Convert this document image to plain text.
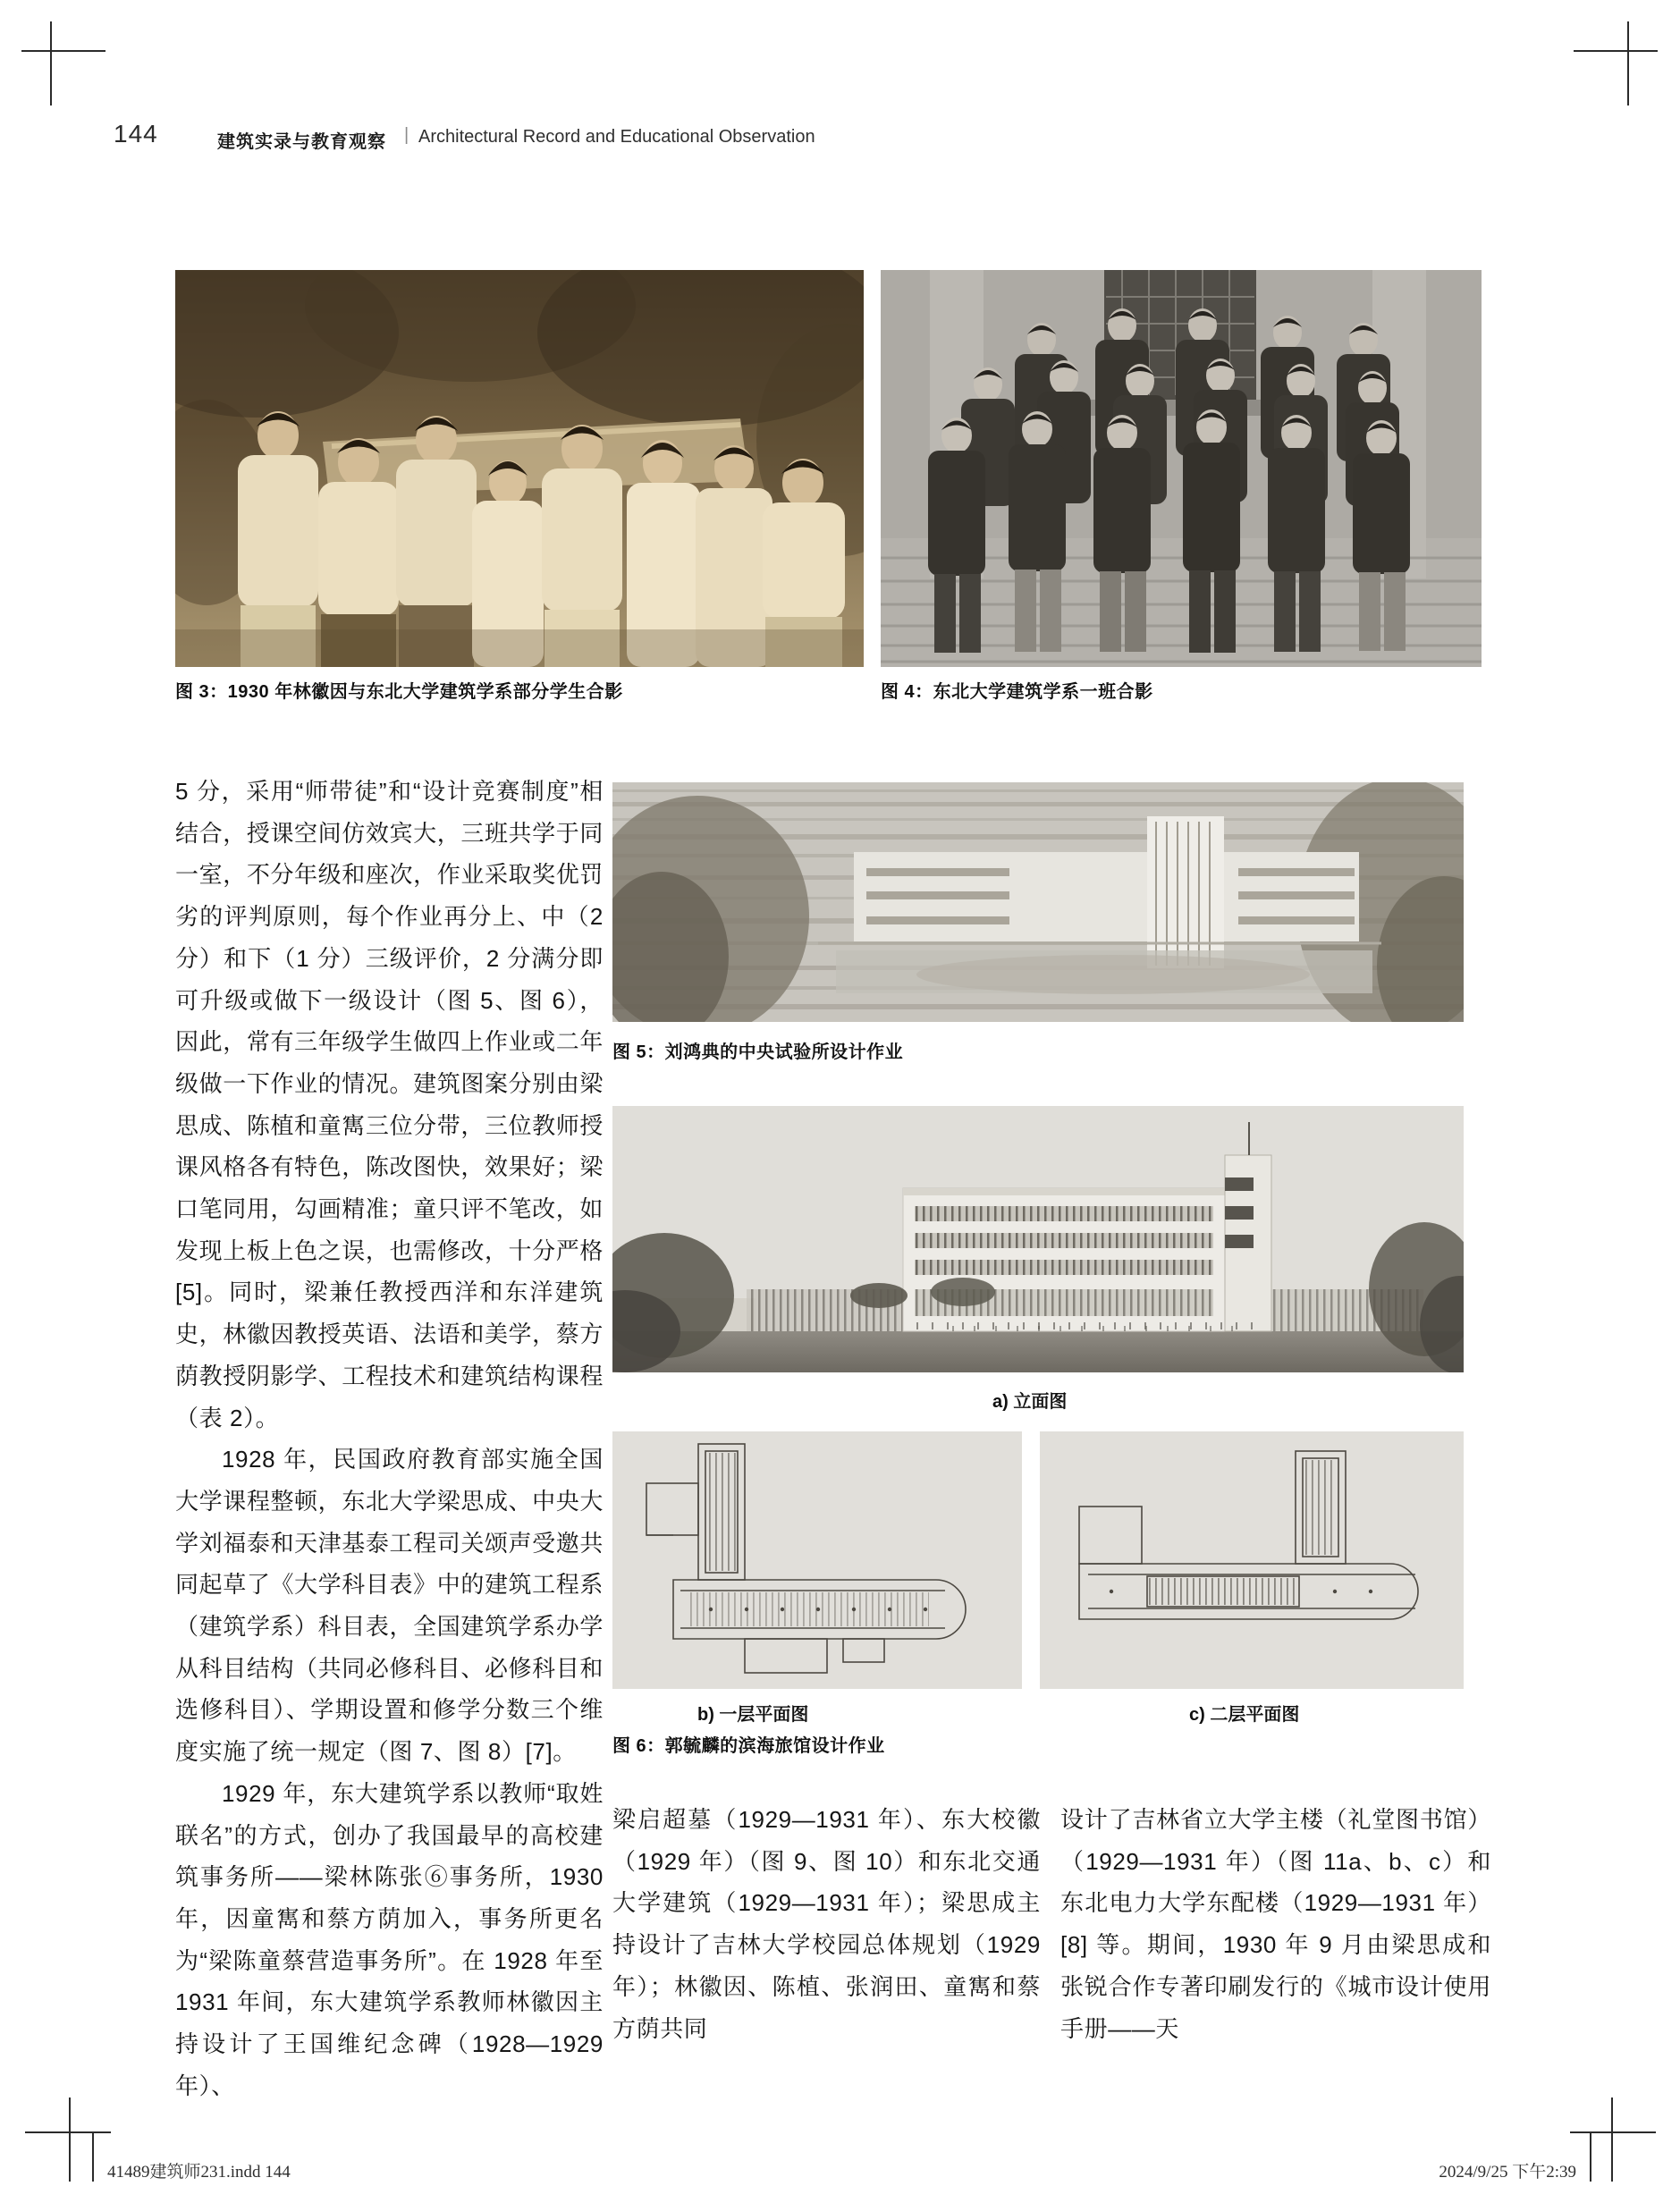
144	建筑实录与教育观察 | Architectural Record and Educational Observation
图 3：1930 年林徽因与东北大学建筑学系部分学生合影	图 4：东北大学建筑学系一班合影

5 分，采用“师带徒”和“设计竞赛制度”相结合，授课空间仿效宾大，三班共学于同一室，不分年级和座次，作业采取奖优罚劣的评判原则，每个作业再分上、中（2 分）和下（1 分）三级评价，2 分满分即可升级或做下一级设计（图 5、图 6），因此，常有三年级学生做四上作业或二年级做一下作业的情况。建筑图案分别由梁思成、陈植和童寯三位分带，三位教师授课风格各有特色，陈改图快，效果好；梁口笔同用，勾画精准；童只评不笔改，如发现上板上色之误，也需修改，十分严格[5]。同时，梁兼任教授西洋和东洋建筑史，林徽因教授英语、法语和美学，蔡方荫教授阴影学、工程技术和建筑结构课程（表 2）。

1928 年，民国政府教育部实施全国大学课程整顿，东北大学梁思成、中央大学刘福泰和天津基泰工程司关颂声受邀共同起草了《大学科目表》中的建筑工程系（建筑学系）科目表，全国建筑学系办学从科目结构（共同必修科目、必修科目和选修科目）、学期设置和修学分数三个维度实施了统一规定（图 7、图 8）[7]。

1929 年，东大建筑学系以教师“取姓联名”的方式，创办了我国最早的高校建筑事务所——梁林陈张⑥事务所，1930 年，因童寯和蔡方荫加入，事务所更名为“梁陈童蔡营造事务所”。在 1928 年至 1931 年间，东大建筑学系教师林徽因主持设计了王国维纪念碑（1928—1929 年）、

图 5：刘鸿典的中央试验所设计作业
a) 立面图
b) 一层平面图	c) 二层平面图
图 6：郭毓麟的滨海旅馆设计作业

梁启超墓（1929—1931 年）、东大校徽（1929 年）（图 9、图 10）和东北交通大学建筑（1929—1931 年）；梁思成主持设计了吉林大学校园总体规划（1929 年）；林徽因、陈植、张润田、童寯和蔡方荫共同

设计了吉林省立大学主楼（礼堂图书馆）（1929—1931 年）（图 11a、b、c）和东北电力大学东配楼（1929—1931 年）[8] 等。期间，1930 年 9 月由梁思成和张锐合作专著印刷发行的《城市设计使用手册——天

41489建筑师231.indd 144	2024/9/25 下午2:39
